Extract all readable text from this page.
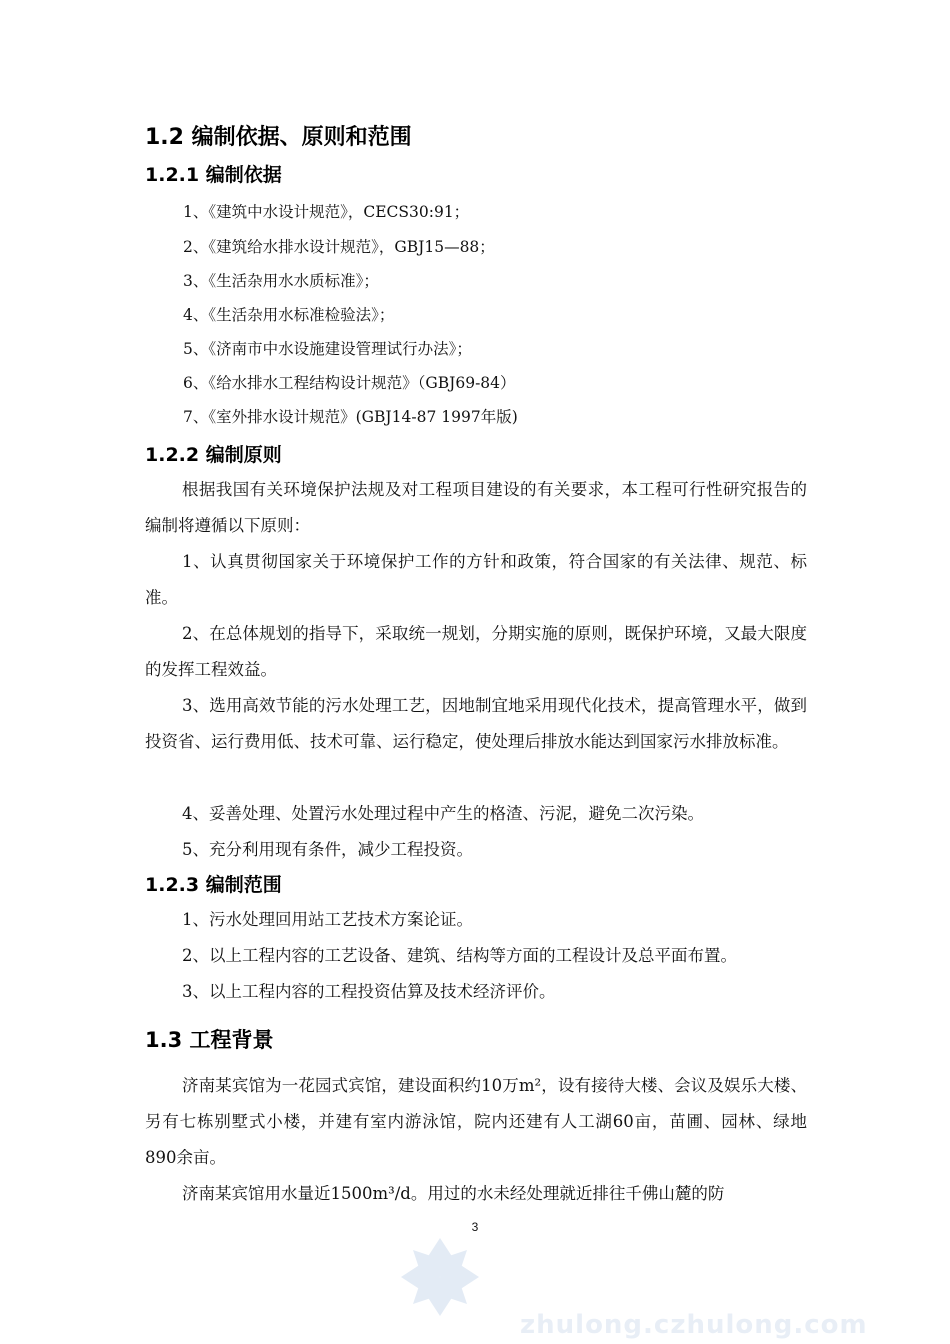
1.2 编制依据、原则和范围
1.2.1 编制依据
1、《建筑中水设计规范》，CECS30:91；
2、《建筑给水排水设计规范》，GBJ15—88；
3、《生活杂用水水质标准》；
4、《生活杂用水标准检验法》；
5、《济南市中水设施建设管理试行办法》；
6、《给水排水工程结构设计规范》（GBJ69-84）
7、《室外排水设计规范》(GBJ14-87 1997年版)
1.2.2 编制原则
根据我国有关环境保护法规及对工程项目建设的有关要求，本工程可行性研究报告的编制将遵循以下原则：
1、认真贯彻国家关于环境保护工作的方针和政策，符合国家的有关法律、规范、标准。
2、在总体规划的指导下，采取统一规划，分期实施的原则，既保护环境，又最大限度的发挥工程效益。
3、选用高效节能的污水处理工艺，因地制宜地采用现代化技术，提高管理水平，做到投资省、运行费用低、技术可靠、运行稳定，使处理后排放水能达到国家污水排放标准。
4、妥善处理、处置污水处理过程中产生的格渣、污泥，避免二次污染。
5、充分利用现有条件，减少工程投资。
1.2.3 编制范围
1、污水处理回用站工艺技术方案论证。
2、以上工程内容的工艺设备、建筑、结构等方面的工程设计及总平面布置。
3、以上工程内容的工程投资估算及技术经济评价。
1.3 工程背景
济南某宾馆为一花园式宾馆，建设面积约10万m²，设有接待大楼、会议及娱乐大楼、另有七栋别墅式小楼，并建有室内游泳馆，院内还建有人工湖60亩，苗圃、园林、绿地890余亩。
济南某宾馆用水量近1500m³/d。用过的水未经处理就近排往千佛山麓的防
3
zhulong.czhulong.com
